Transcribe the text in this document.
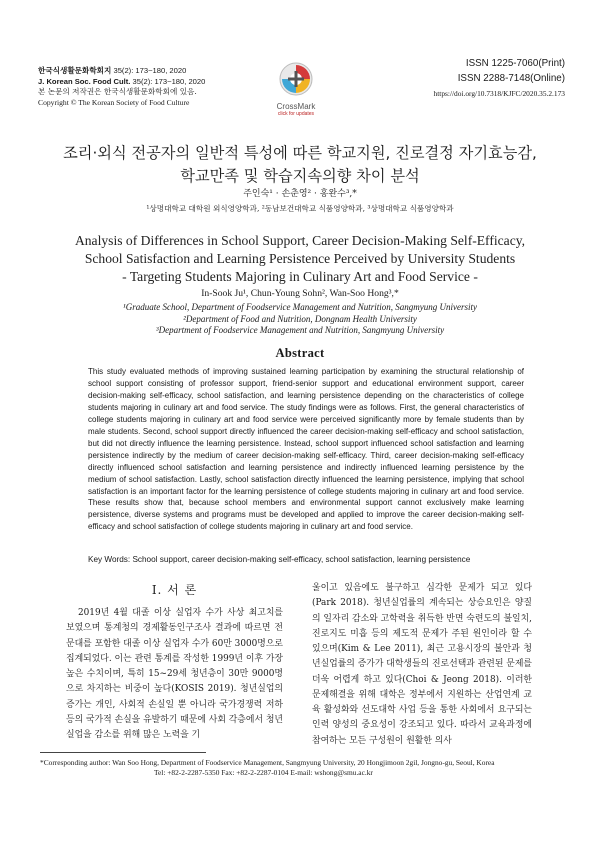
한국식생활문화학회지 35(2): 173~180, 2020
J. Korean Soc. Food Cult. 35(2): 173~180, 2020
본 논문의 저작권은 한국식생활문화학회에 있음.
Copyright © The Korean Society of Food Culture	CrossMark
click for updates
ISSN 1225-7060(Print)
ISSN 2288-7148(Online)
https://doi.org/10.7318/KJFC/2020.35.2.173
조리·외식 전공자의 일반적 특성에 따른 학교지원, 진로결정 자기효능감,
학교만족 및 학습지속의향 차이 분석
주인숙¹ · 손춘영² · 홍완수³,*
¹상명대학교 대학원 외식영양학과, ²동남보건대학교 식품영양학과, ³상명대학교 식품영양학과
Analysis of Differences in School Support, Career Decision-Making Self-Efficacy,
School Satisfaction and Learning Persistence Perceived by University Students
- Targeting Students Majoring in Culinary Art and Food Service -
In-Sook Ju¹, Chun-Young Sohn², Wan-Soo Hong³,*
¹Graduate School, Department of Foodservice Management and Nutrition, Sangmyung University
²Department of Food and Nutrition, Dongnam Health University
³Department of Foodservice Management and Nutrition, Sangmyung University
Abstract
This study evaluated methods of improving sustained learning participation by examining the structural relationship of school support consisting of professor support, friend-senior support and educational environment support, career decision-making self-efficacy, school satisfaction, and learning persistence depending on the characteristics of college students majoring in culinary art and food service. The study findings were as follows. First, the general characteristics of college students majoring in culinary art and food service were perceived significantly more by female students than by male students. Second, school support directly influenced the career decision-making self-efficacy and school satisfaction, but did not directly influence the learning persistence. Instead, school support influenced school satisfaction and learning persistence indirectly by the medium of career decision-making self-efficacy. Third, career decision-making self-efficacy directly influenced school satisfaction and learning persistence and indirectly influenced learning persistence by the medium of school satisfaction. Lastly, school satisfaction directly influenced the learning persistence, implying that school satisfaction is an important factor for the learning persistence of college students majoring in culinary art and food service. These results show that, because school members and environmental support cannot exclusively make learning persistence, diverse systems and programs must be developed and applied to improve the career decision-making self-efficacy and school satisfaction of college students majoring in culinary art and food service.
Key Words: School support, career decision-making self-efficacy, school satisfaction, learning persistence
Ⅰ. 서 론
2019년 4월 대졸 이상 실업자 수가 사상 최고치를 보였으며 통계청의 경제활동인구조사 결과에 따르면 전문대를 포함한 대졸 이상 실업자 수가 60만 3000명으로 집계되었다. 이는 관련 통계를 작성한 1999년 이후 가장 높은 수치이며, 특히 15~29세 청년층이 30만 9000명으로 차지하는 비중이 높다(KOSIS 2019). 청년실업의 증가는 개인, 사회적 손실일 뿐 아니라 국가경쟁력 저하 등의 국가적 손실을 유발하기 때문에 사회 각층에서 청년실업을 감소를 위해 많은 노력을 기
울이고 있음에도 불구하고 심각한 문제가 되고 있다(Park 2018). 청년실업률의 계속되는 상승요인은 양질의 일자리 감소와 고학력을 취득한 반면 숙련도의 불일치, 진로지도 미흡 등의 제도적 문제가 주된 원인이라 할 수 있으며(Kim & Lee 2011), 최근 고용시장의 불안과 청년실업률의 증가가 대학생들의 진로선택과 관련된 문제를 더욱 어렵게 하고 있다(Choi & Jeong 2018). 이러한 문제해결을 위해 대학은 정부에서 지원하는 산업연계 교육 활성화와 선도대학 사업 등을 통한 사회에서 요구되는 인력 양성의 중요성이 강조되고 있다. 따라서 교육과정에 참여하는 모든 구성원이 원활한 의사
*Corresponding author: Wan Soo Hong, Department of Foodservice Management, Sangmyung University, 20 Hongjimoon 2gil, Jongno-gu, Seoul, Korea
Tel: +82-2-2287-5350 Fax: +82-2-2287-0104 E-mail: wshong@smu.ac.kr
